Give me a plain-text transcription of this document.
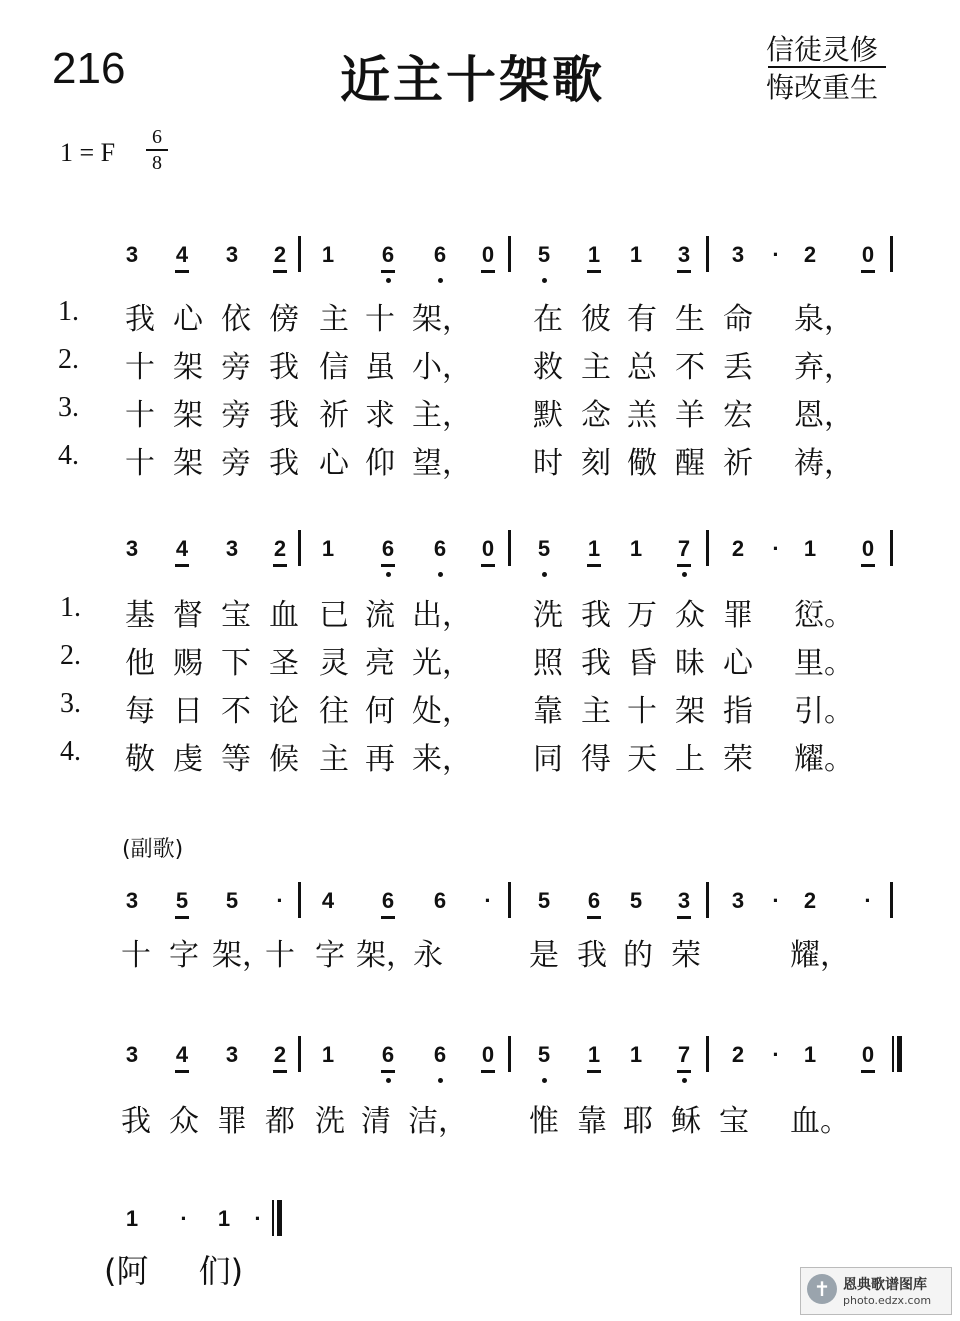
216	近主十架歌
信徒灵修
悔改重生
1 = F
6
8
3 4 3 2 1 6 6 0 5 1 1 3 3 · 2 0
1. 我 心 依 傍 主 十 架， 在 彼 有 生 命 泉，
2. 十 架 旁 我 信 虽 小， 救 主 总 不 丢 弃，
3. 十 架 旁 我 祈 求 主， 默 念 羔 羊 宏 恩，
4. 十 架 旁 我 心 仰 望， 时 刻 儆 醒 祈 祷，
3 4 3 2 1 6 6 0 5 1 1 7 2 · 1 0
1. 基 督 宝 血 已 流 出， 洗 我 万 众 罪 愆。
2. 他 赐 下 圣 灵 亮 光， 照 我 昏 昧 心 里。
3. 每 日 不 论 往 何 处， 靠 主 十 架 指 引。
4. 敬 虔 等 候 主 再 来， 同 得 天 上 荣 耀。
3 5 5 · 4 6 6 · 5 6 5 3 3 · 2 ·
十 字 架，
十 字 架，
永	是 我 的 荣	耀，
3 4 3 2 1 6 6 0 5 1 1 7 2 · 1 0
我 众 罪 都 洗 清 洁， 惟 靠 耶 稣 宝 血。
1 · 1 ·
(副歌)
(阿 们)	✝ 恩典歌谱图库
photo.edzx.com
